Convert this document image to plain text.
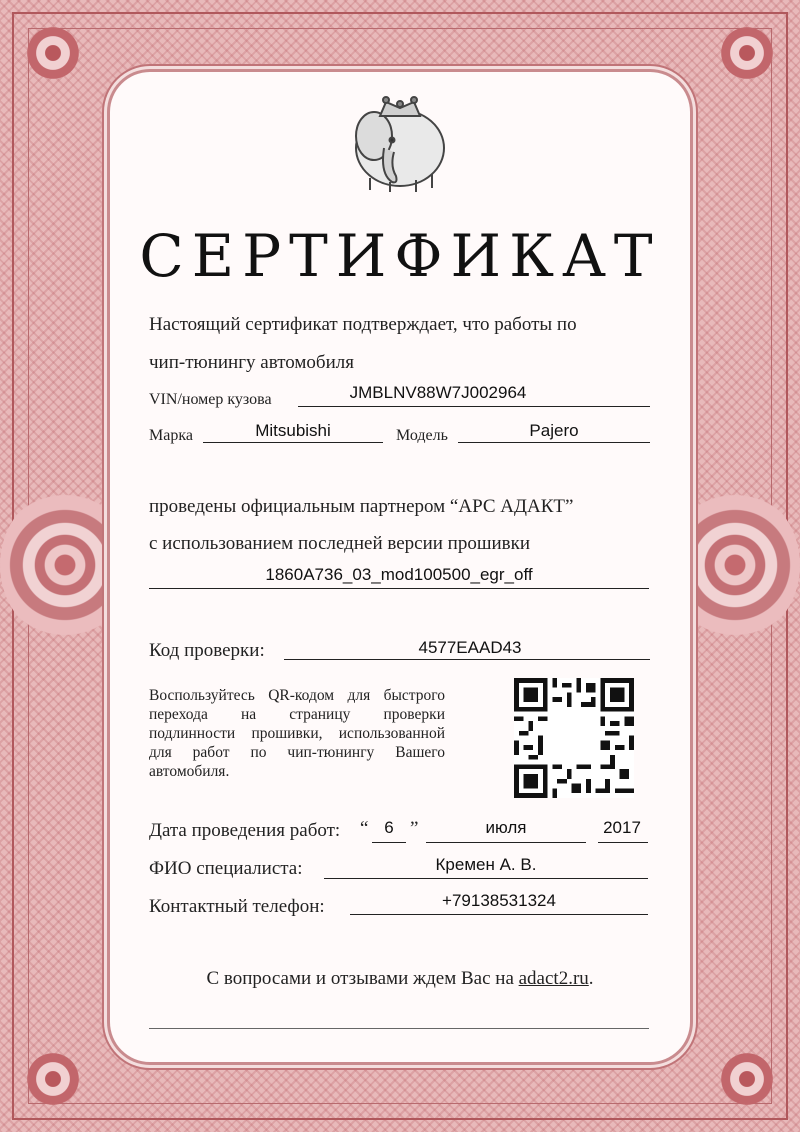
СЕРТИФИКАТ
Настоящий сертификат подтверждает, что работы по
чип-тюнингу автомобиля
VIN/номер кузова	JMBLNV88W7J002964
Марка	Mitsubishi	Модель	Pajero
проведены официальным партнером “АРС АДАКТ”
с использованием последней версии прошивки
1860A736_03_mod100500_egr_off
Код проверки:	4577EAAD43
Воспользуйтесь QR-кодом для быстрого перехода на страницу проверки подлинности прошивки, использованной для работ по чип-тюнингу Вашего автомобиля.
Дата проведения работ: “ 6 ”	июля	2017
ФИО специалиста:	Кремен А. В.
Контактный телефон:	+79138531324
С вопросами и отзывами ждем Вас на adact2.ru.
